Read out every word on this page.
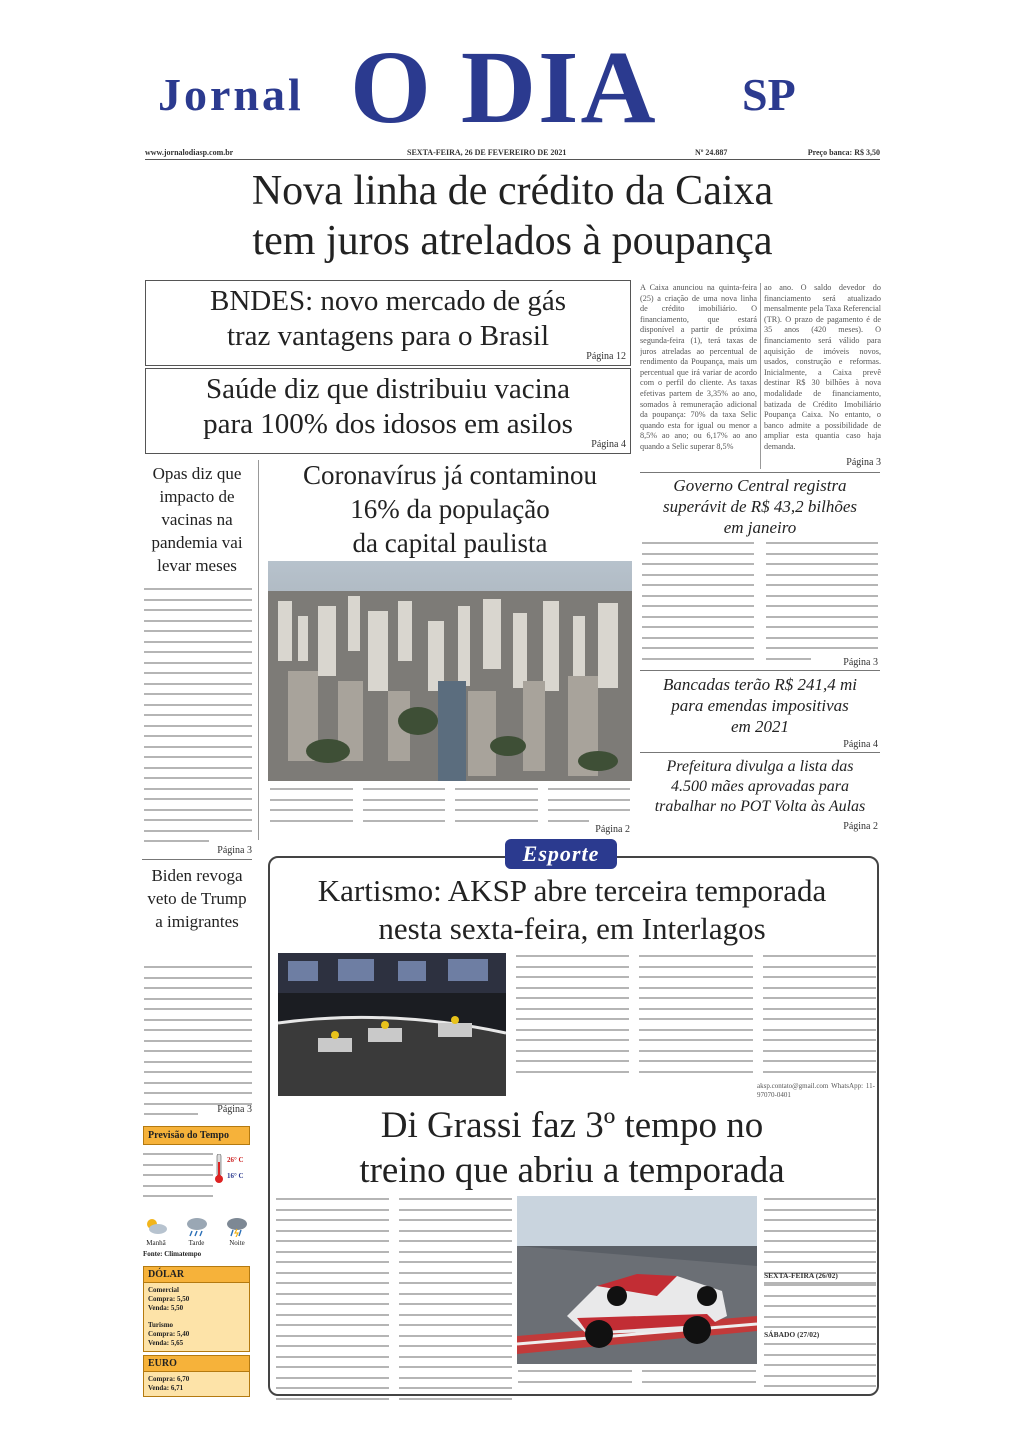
Jornal O DIA SP
www.jornalodiasp.com.br	SEXTA-FEIRA, 26 DE FEVEREIRO DE 2021	Nº 24.887	Preço banca: R$ 3,50
Nova linha de crédito da Caixa
tem juros atrelados à poupança
BNDES: novo mercado de gás
traz vantagens para o Brasil
Página 12
Saúde diz que distribuiu vacina
para 100% dos idosos em asilos
Página 4
A Caixa anunciou na quinta-feira (25) a criação de uma nova linha de crédito imobiliário. O financiamento, que estará disponível a partir de próxima segunda-feira (1), terá taxas de juros atreladas ao percentual de rendimento da Poupança, mais um percentual que irá variar de acordo com o perfil do cliente. As taxas efetivas partem de 3,35% ao ano, somados à remuneração adicional da poupança: 70% da taxa Selic quando esta for igual ou menor a 8,5% ao ano; ou 6,17% ao ano quando a Selic superar 8,5%
ao ano. O saldo devedor do financiamento será atualizado mensalmente pela Taxa Referencial (TR). O prazo de pagamento é de 35 anos (420 meses). O financiamento será válido para aquisição de imóveis novos, usados, construção e reformas. Inicialmente, a Caixa prevê destinar R$ 30 bilhões à nova modalidade de financiamento, batizada de Crédito Imobiliário Poupança Caixa. No entanto, o banco admite a possibilidade de ampliar esta quantia caso haja demanda.
Página 3
Opas diz que impacto de vacinas na pandemia vai levar meses
Página 3
Biden revoga veto de Trump a imigrantes
Página 3
Coronavírus já contaminou
16% da população
da capital paulista
Página 2
Governo Central registra
superávit de R$ 43,2 bilhões
em janeiro
Página 3
Bancadas terão R$ 241,4 mi
para emendas impositivas
em 2021
Página 4
Prefeitura divulga a lista das
4.500 mães aprovadas para
trabalhar no POT Volta às Aulas
Página 2
Esporte
Kartismo: AKSP abre terceira temporada
nesta sexta-feira, em Interlagos
aksp.contato@gmail.com WhatsApp: 11-97070-0401
Di Grassi faz 3º tempo no
treino que abriu a temporada
SEXTA-FEIRA (26/02)
SÁBADO (27/02)
Previsão do Tempo
26° C
16° C
Manhã	Tarde	Noite
Fonte: Climatempo
DÓLAR
Comercial
Compra: 5,50
Venda: 5,50
Turismo
Compra: 5,40
Venda: 5,65
EURO
Compra: 6,70
Venda: 6,71
